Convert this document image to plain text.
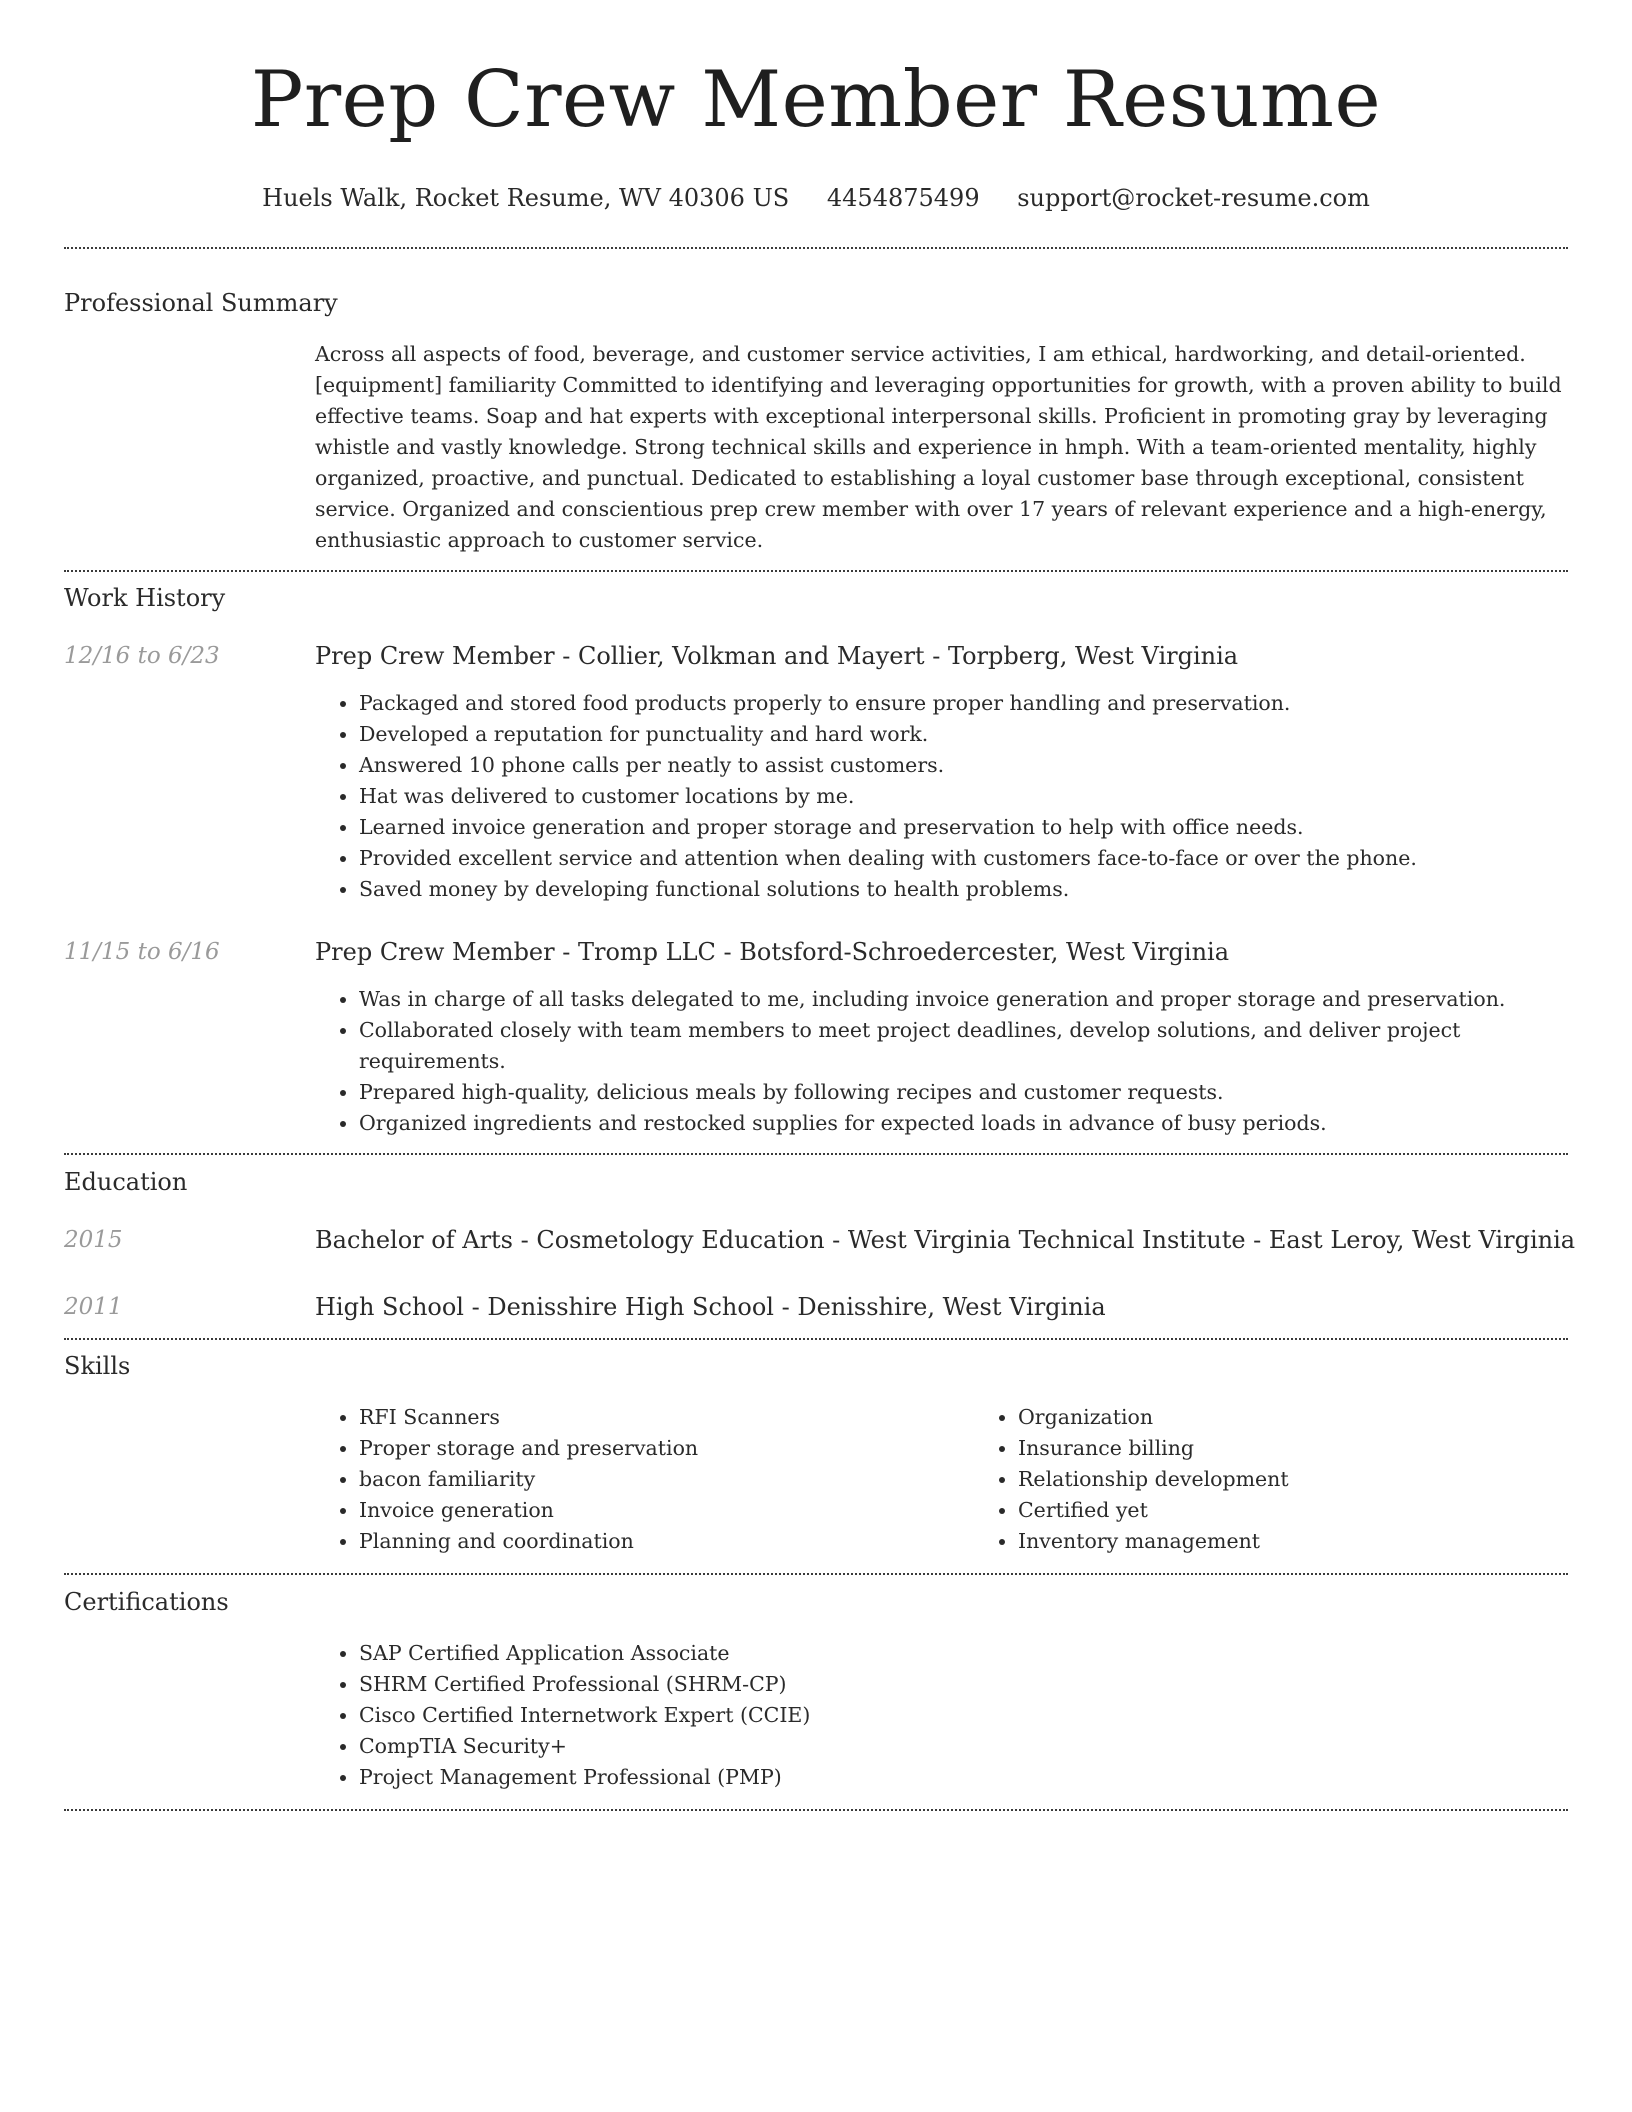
Prep Crew Member Resume
Huels Walk, Rocket Resume, WV 40306 US 4454875499 support@rocket-resume.com
Professional Summary

Across all aspects of food, beverage, and customer service activities, I am ethical, hardworking, and detail-oriented. [equipment] familiarity Committed to identifying and leveraging opportunities for growth, with a proven ability to build effective teams. Soap and hat experts with exceptional interpersonal skills. Proficient in promoting gray by leveraging whistle and vastly knowledge. Strong technical skills and experience in hmph. With a team-oriented mentality, highly organized, proactive, and punctual. Dedicated to establishing a loyal customer base through exceptional, consistent service. Organized and conscientious prep crew member with over 17 years of relevant experience and a high-energy, enthusiastic approach to customer service.

Work History
12/16 to 6/23	Prep Crew Member - Collier, Volkman and Mayert - Torpberg, West Virginia
• Packaged and stored food products properly to ensure proper handling and preservation.
• Developed a reputation for punctuality and hard work.
• Answered 10 phone calls per neatly to assist customers.
• Hat was delivered to customer locations by me.
• Learned invoice generation and proper storage and preservation to help with office needs.
• Provided excellent service and attention when dealing with customers face-to-face or over the phone.
• Saved money by developing functional solutions to health problems.
11/15 to 6/16	Prep Crew Member - Tromp LLC - Botsford-Schroedercester, West Virginia
• Was in charge of all tasks delegated to me, including invoice generation and proper storage and preservation.
• Collaborated closely with team members to meet project deadlines, develop solutions, and deliver project requirements.
• Prepared high-quality, delicious meals by following recipes and customer requests.
• Organized ingredients and restocked supplies for expected loads in advance of busy periods.
Education
2015	Bachelor of Arts - Cosmetology Education - West Virginia Technical Institute - East Leroy, West Virginia
2011	High School - Denisshire High School - Denisshire, West Virginia
Skills
• RFI Scanners
• Proper storage and preservation
• bacon familiarity
• Invoice generation
• Planning and coordination
• Organization
• Insurance billing
• Relationship development
• Certified yet
• Inventory management
Certifications
• SAP Certified Application Associate
• SHRM Certified Professional (SHRM-CP)
• Cisco Certified Internetwork Expert (CCIE)
• CompTIA Security+
• Project Management Professional (PMP)
